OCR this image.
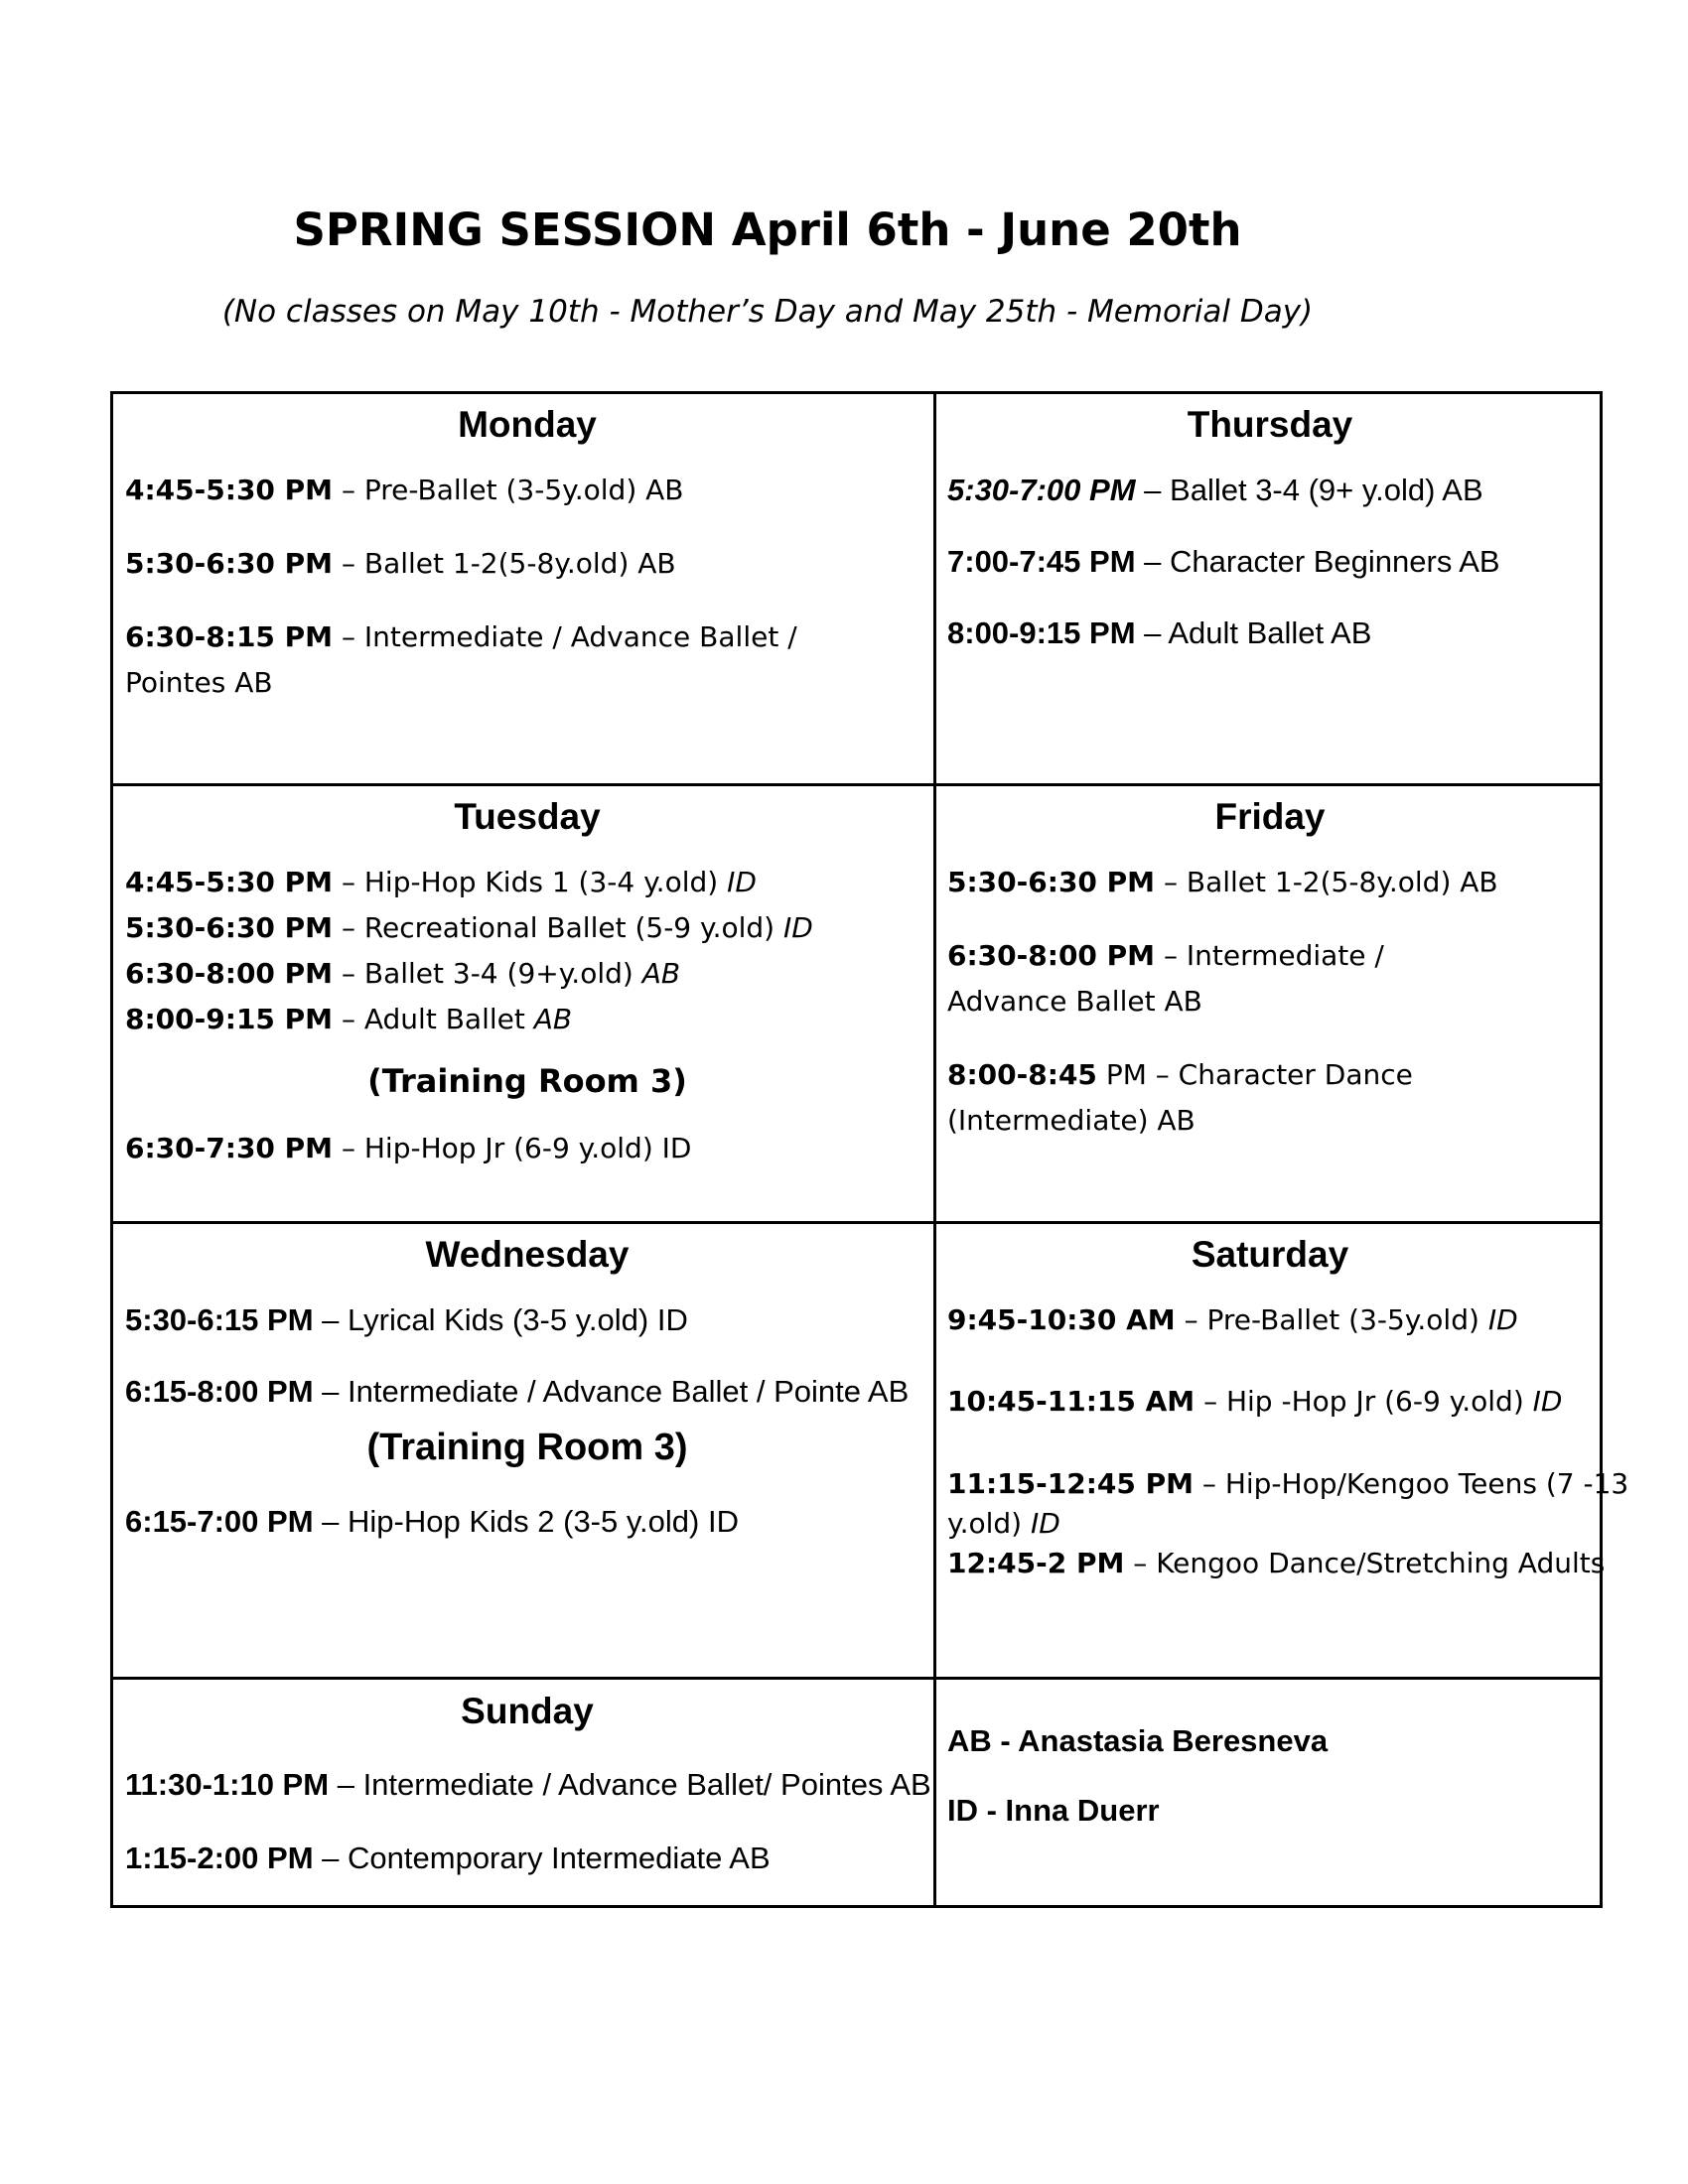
SPRING SESSION April 6th - June 20th
(No classes on May 10th - Mother’s Day and May 25th - Memorial Day)
Monday
4:45-5:30 PM – Pre-Ballet (3-5y.old) AB
5:30-6:30 PM – Ballet 1-2(5-8y.old) AB
6:30-8:15 PM – Intermediate / Advance Ballet /
Pointes AB
Thursday
5:30-7:00 PM – Ballet 3-4 (9+ y.old) AB
7:00-7:45 PM – Character Beginners AB
8:00-9:15 PM – Adult Ballet AB
Tuesday
4:45-5:30 PM – Hip-Hop Kids 1 (3-4 y.old) ID
5:30-6:30 PM – Recreational Ballet (5-9 y.old) ID
6:30-8:00 PM – Ballet 3-4 (9+y.old) AB
8:00-9:15 PM – Adult Ballet AB
(Training Room 3)
6:30-7:30 PM – Hip-Hop Jr (6-9 y.old) ID
Friday
5:30-6:30 PM – Ballet 1-2(5-8y.old) AB
6:30-8:00 PM – Intermediate /
Advance Ballet AB
8:00-8:45 PM – Character Dance
(Intermediate) AB
Wednesday
5:30-6:15 PM – Lyrical Kids (3-5 y.old) ID
6:15-8:00 PM – Intermediate / Advance Ballet / Pointe AB
(Training Room 3)
6:15-7:00 PM – Hip-Hop Kids 2 (3-5 y.old) ID
Saturday
9:45-10:30 AM – Pre-Ballet (3-5y.old) ID
10:45-11:15 AM – Hip -Hop Jr (6-9 y.old) ID
11:15-12:45 PM – Hip-Hop/Kengoo Teens (7 -13
y.old) ID
12:45-2 PM – Kengoo Dance/Stretching Adults
Sunday
11:30-1:10 PM – Intermediate / Advance Ballet/ Pointes AB
1:15-2:00 PM – Contemporary Intermediate AB
AB - Anastasia Beresneva
ID - Inna Duerr
